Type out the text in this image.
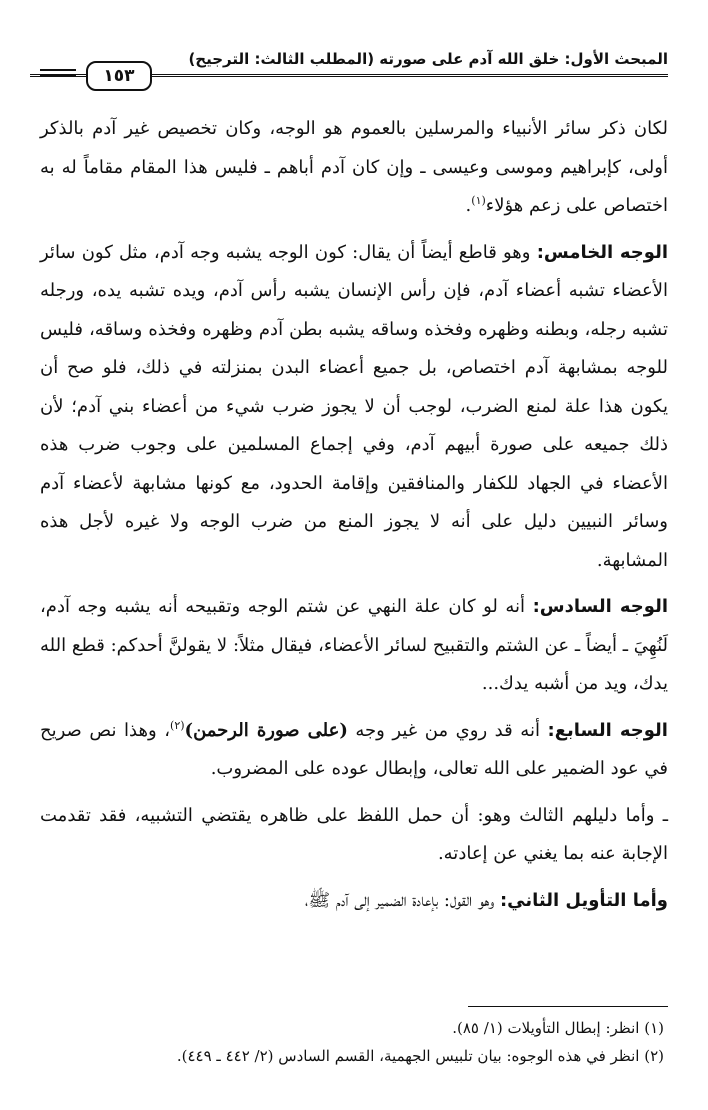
المبحث الأول: خلق الله آدم على صورته (المطلب الثالث: الترجيح)
١٥٣

لكان ذكر سائر الأنبياء والمرسلين بالعموم هو الوجه، وكان تخصيص غير آدم بالذكر أولى، كإبراهيم وموسى وعيسى ـ وإن كان آدم أباهم ـ فليس هذا المقام مقاماً له به اختصاص على زعم هؤلاء$^{(١)}$.

الوجه الخامس: وهو قاطع أيضاً أن يقال: كون الوجه يشبه وجه آدم، مثل كون سائر الأعضاء تشبه أعضاء آدم، فإن رأس الإنسان يشبه رأس آدم، ويده تشبه يده، ورجله تشبه رجله، وبطنه وظهره وفخذه وساقه يشبه بطن آدم وظهره وفخذه وساقه، فليس للوجه بمشابهة آدم اختصاص، بل جميع أعضاء البدن بمنزلته في ذلك، فلو صح أن يكون هذا علة لمنع الضرب، لوجب أن لا يجوز ضرب شيء من أعضاء بني آدم؛ لأن ذلك جميعه على صورة أبيهم آدم، وفي إجماع المسلمين على وجوب ضرب هذه الأعضاء في الجهاد للكفار والمنافقين وإقامة الحدود، مع كونها مشابهة لأعضاء آدم وسائر النبيين دليل على أنه لا يجوز المنع من ضرب الوجه ولا غيره لأجل هذه المشابهة.

الوجه السادس: أنه لو كان علة النهي عن شتم الوجه وتقبيحه أنه يشبه وجه آدم، لَنُهِيَ ـ أيضاً ـ عن الشتم والتقبيح لسائر الأعضاء، فيقال مثلاً: لا يقولنَّ أحدكم: قطع الله يدك، ويد من أشبه يدك...

الوجه السابع: أنه قد روي من غير وجه (على صورة الرحمن)$^{(٢)}$، وهذا نص صريح في عود الضمير على الله تعالى، وإبطال عوده على المضروب.

ـ وأما دليلهم الثالث وهو: أن حمل اللفظ على ظاهره يقتضي التشبيه، فقد تقدمت الإجابة عنه بما يغني عن إعادته.

وأما التأويل الثاني: وهو القول: بإعادة الضمير إلى آدم ﷺ،

(١) انظر: إبطال التأويلات (١/ ٨٥).
(٢) انظر في هذه الوجوه: بيان تلبيس الجهمية، القسم السادس (٢/ ٤٤٢ ـ ٤٤٩).
